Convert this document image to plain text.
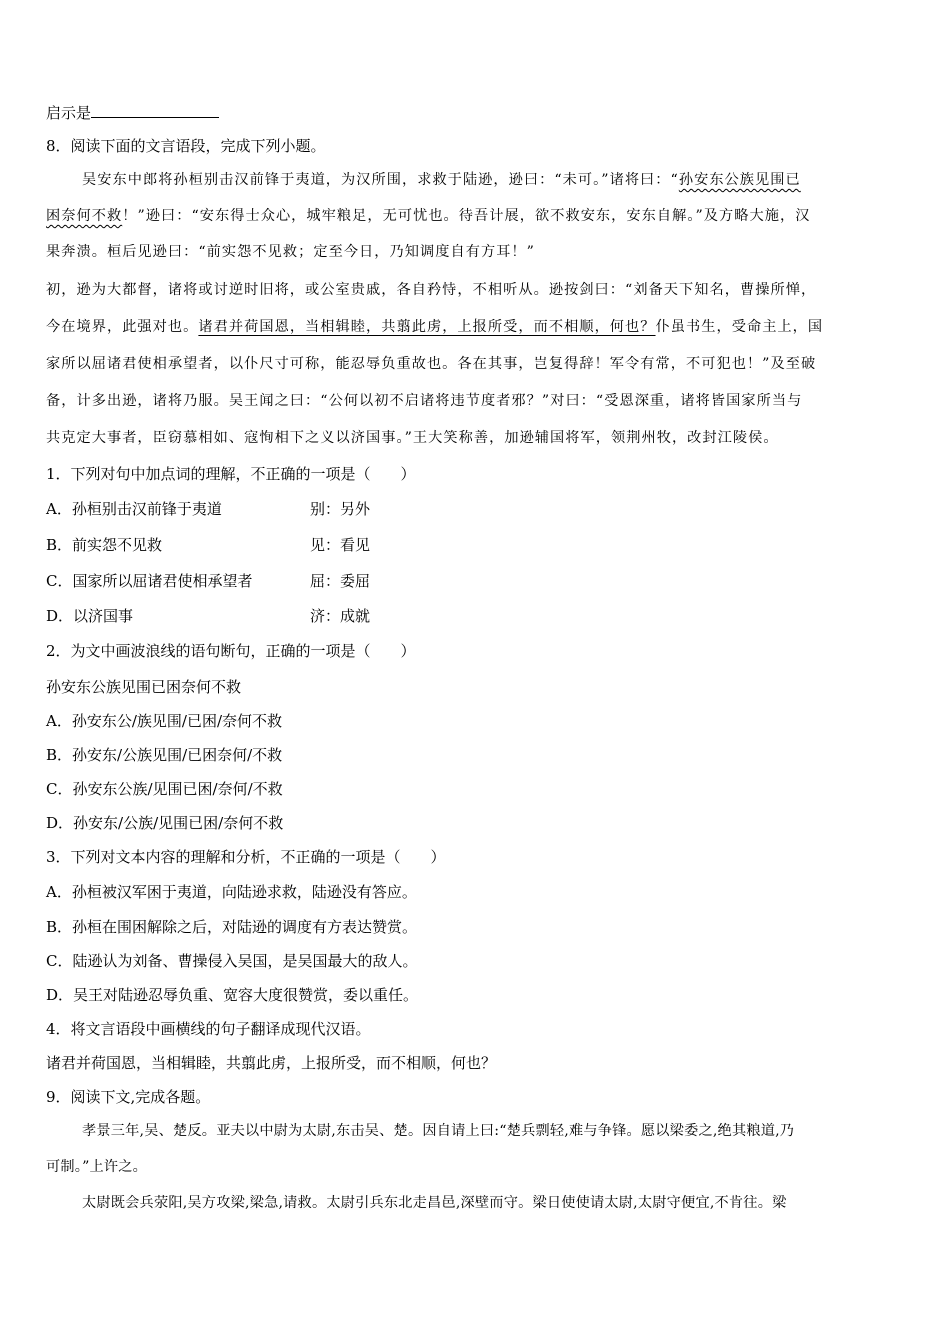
启示是
8．阅读下面的文言语段，完成下列小题。
吴安东中郎将孙桓别击汉前锋于夷道，为汉所围，求救于陆逊，逊曰：“未可。”诸将曰：“孙安东公族见围已
困奈何不救！”逊曰：“安东得士众心，城牢粮足，无可忧也。待吾计展，欲不救安东，安东自解。”及方略大施，汉
果奔溃。桓后见逊曰：“前实怨不见救；定至今日，乃知调度自有方耳！”
初，逊为大都督，诸将或讨逆时旧将，或公室贵戚，各自矜恃，不相听从。逊按剑曰：“刘备天下知名，曹操所惮，
今在境界，此强对也。诸君并荷国恩，当相辑睦，共翦此虏，上报所受，而不相顺，何也？仆虽书生，受命主上，国
家所以屈诸君使相承望者，以仆尺寸可称，能忍辱负重故也。各在其事，岂复得辞！军令有常，不可犯也！”及至破
备，计多出逊，诸将乃服。吴王闻之曰：“公何以初不启诸将违节度者邪？”对曰：“受恩深重，诸将皆国家所当与
共克定大事者，臣窃慕相如、寇恂相下之义以济国事。”王大笑称善，加逊辅国将军，领荆州牧，改封江陵侯。
1．下列对句中加点词的理解，不正确的一项是（　　）
A．孙桓别击汉前锋于夷道	别：另外
B．前实怨不见救	见：看见
C．国家所以屈诸君使相承望者	屈：委屈
D．以济国事	济：成就
2．为文中画波浪线的语句断句，正确的一项是（　　）
孙安东公族见围已困奈何不救
A．孙安东公/族见围/已困/奈何不救
B．孙安东/公族见围/已困奈何/不救
C．孙安东公族/见围已困/奈何/不救
D．孙安东/公族/见围已困/奈何不救
3．下列对文本内容的理解和分析，不正确的一项是（　　）
A．孙桓被汉军困于夷道，向陆逊求救，陆逊没有答应。
B．孙桓在围困解除之后，对陆逊的调度有方表达赞赏。
C．陆逊认为刘备、曹操侵入吴国，是吴国最大的敌人。
D．吴王对陆逊忍辱负重、宽容大度很赞赏，委以重任。
4．将文言语段中画横线的句子翻译成现代汉语。
诸君并荷国恩，当相辑睦，共翦此虏，上报所受，而不相顺，何也？
9．阅读下文,完成各题。
孝景三年,吴、楚反。亚夫以中尉为太尉,东击吴、楚。因自请上曰:“楚兵剽轻,难与争锋。愿以梁委之,绝其粮道,乃
可制。”上许之。
太尉既会兵荥阳,吴方攻梁,梁急,请救。太尉引兵东北走昌邑,深壁而守。梁日使使请太尉,太尉守便宜,不肯往。梁
